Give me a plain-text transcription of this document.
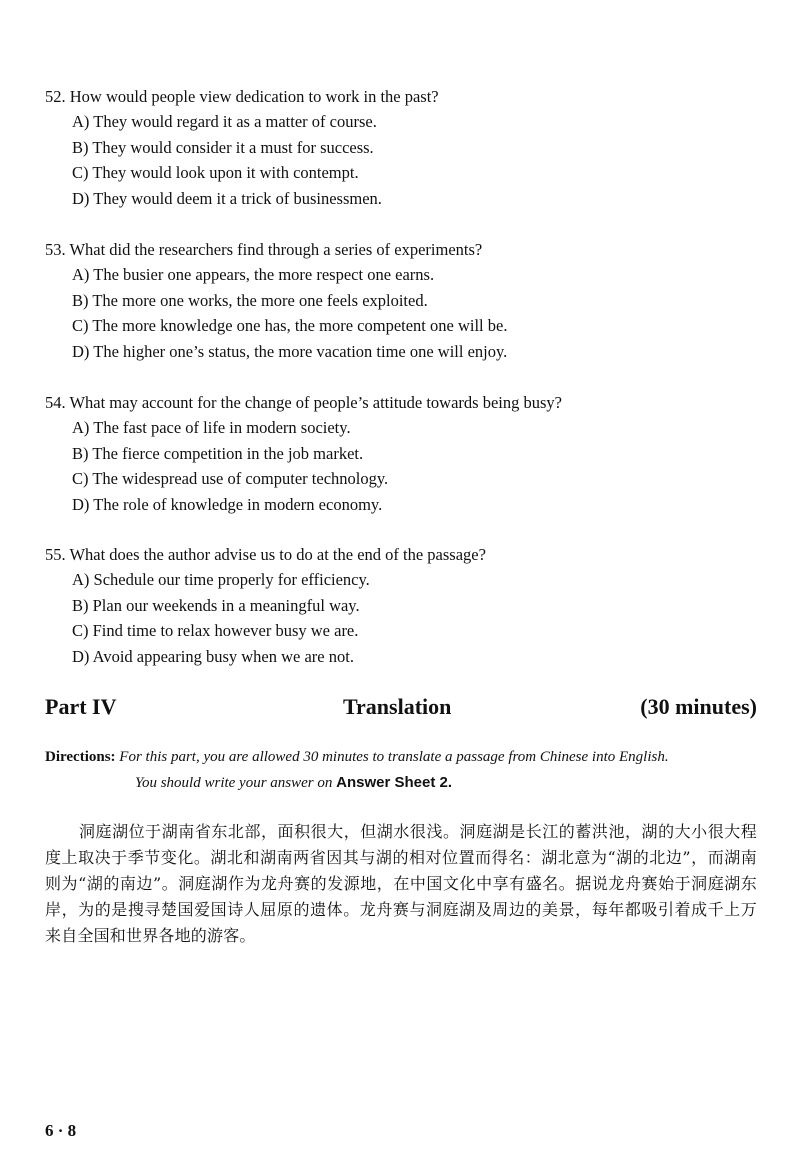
52. How would people view dedication to work in the past?
A) They would regard it as a matter of course.
B) They would consider it a must for success.
C) They would look upon it with contempt.
D) They would deem it a trick of businessmen.
53. What did the researchers find through a series of experiments?
A) The busier one appears, the more respect one earns.
B) The more one works, the more one feels exploited.
C) The more knowledge one has, the more competent one will be.
D) The higher one’s status, the more vacation time one will enjoy.
54. What may account for the change of people’s attitude towards being busy?
A) The fast pace of life in modern society.
B) The fierce competition in the job market.
C) The widespread use of computer technology.
D) The role of knowledge in modern economy.
55. What does the author advise us to do at the end of the passage?
A) Schedule our time properly for efficiency.
B) Plan our weekends in a meaningful way.
C) Find time to relax however busy we are.
D) Avoid appearing busy when we are not.
Part IV	Translation	(30 minutes)
Directions: For this part, you are allowed 30 minutes to translate a passage from Chinese into English.
You should write your answer on Answer Sheet 2.
洞庭湖位于湖南省东北部，面积很大，但湖水很浅。洞庭湖是长江的蓄洪池，湖的大小很大程度上取决于季节变化。湖北和湖南两省因其与湖的相对位置而得名：湖北意为“湖的北边”，而湖南则为“湖的南边”。洞庭湖作为龙舟赛的发源地，在中国文化中享有盛名。据说龙舟赛始于洞庭湖东岸，为的是搜寻楚国爱国诗人屈原的遗体。龙舟赛与洞庭湖及周边的美景，每年都吸引着成千上万来自全国和世界各地的游客。
6 · 8
